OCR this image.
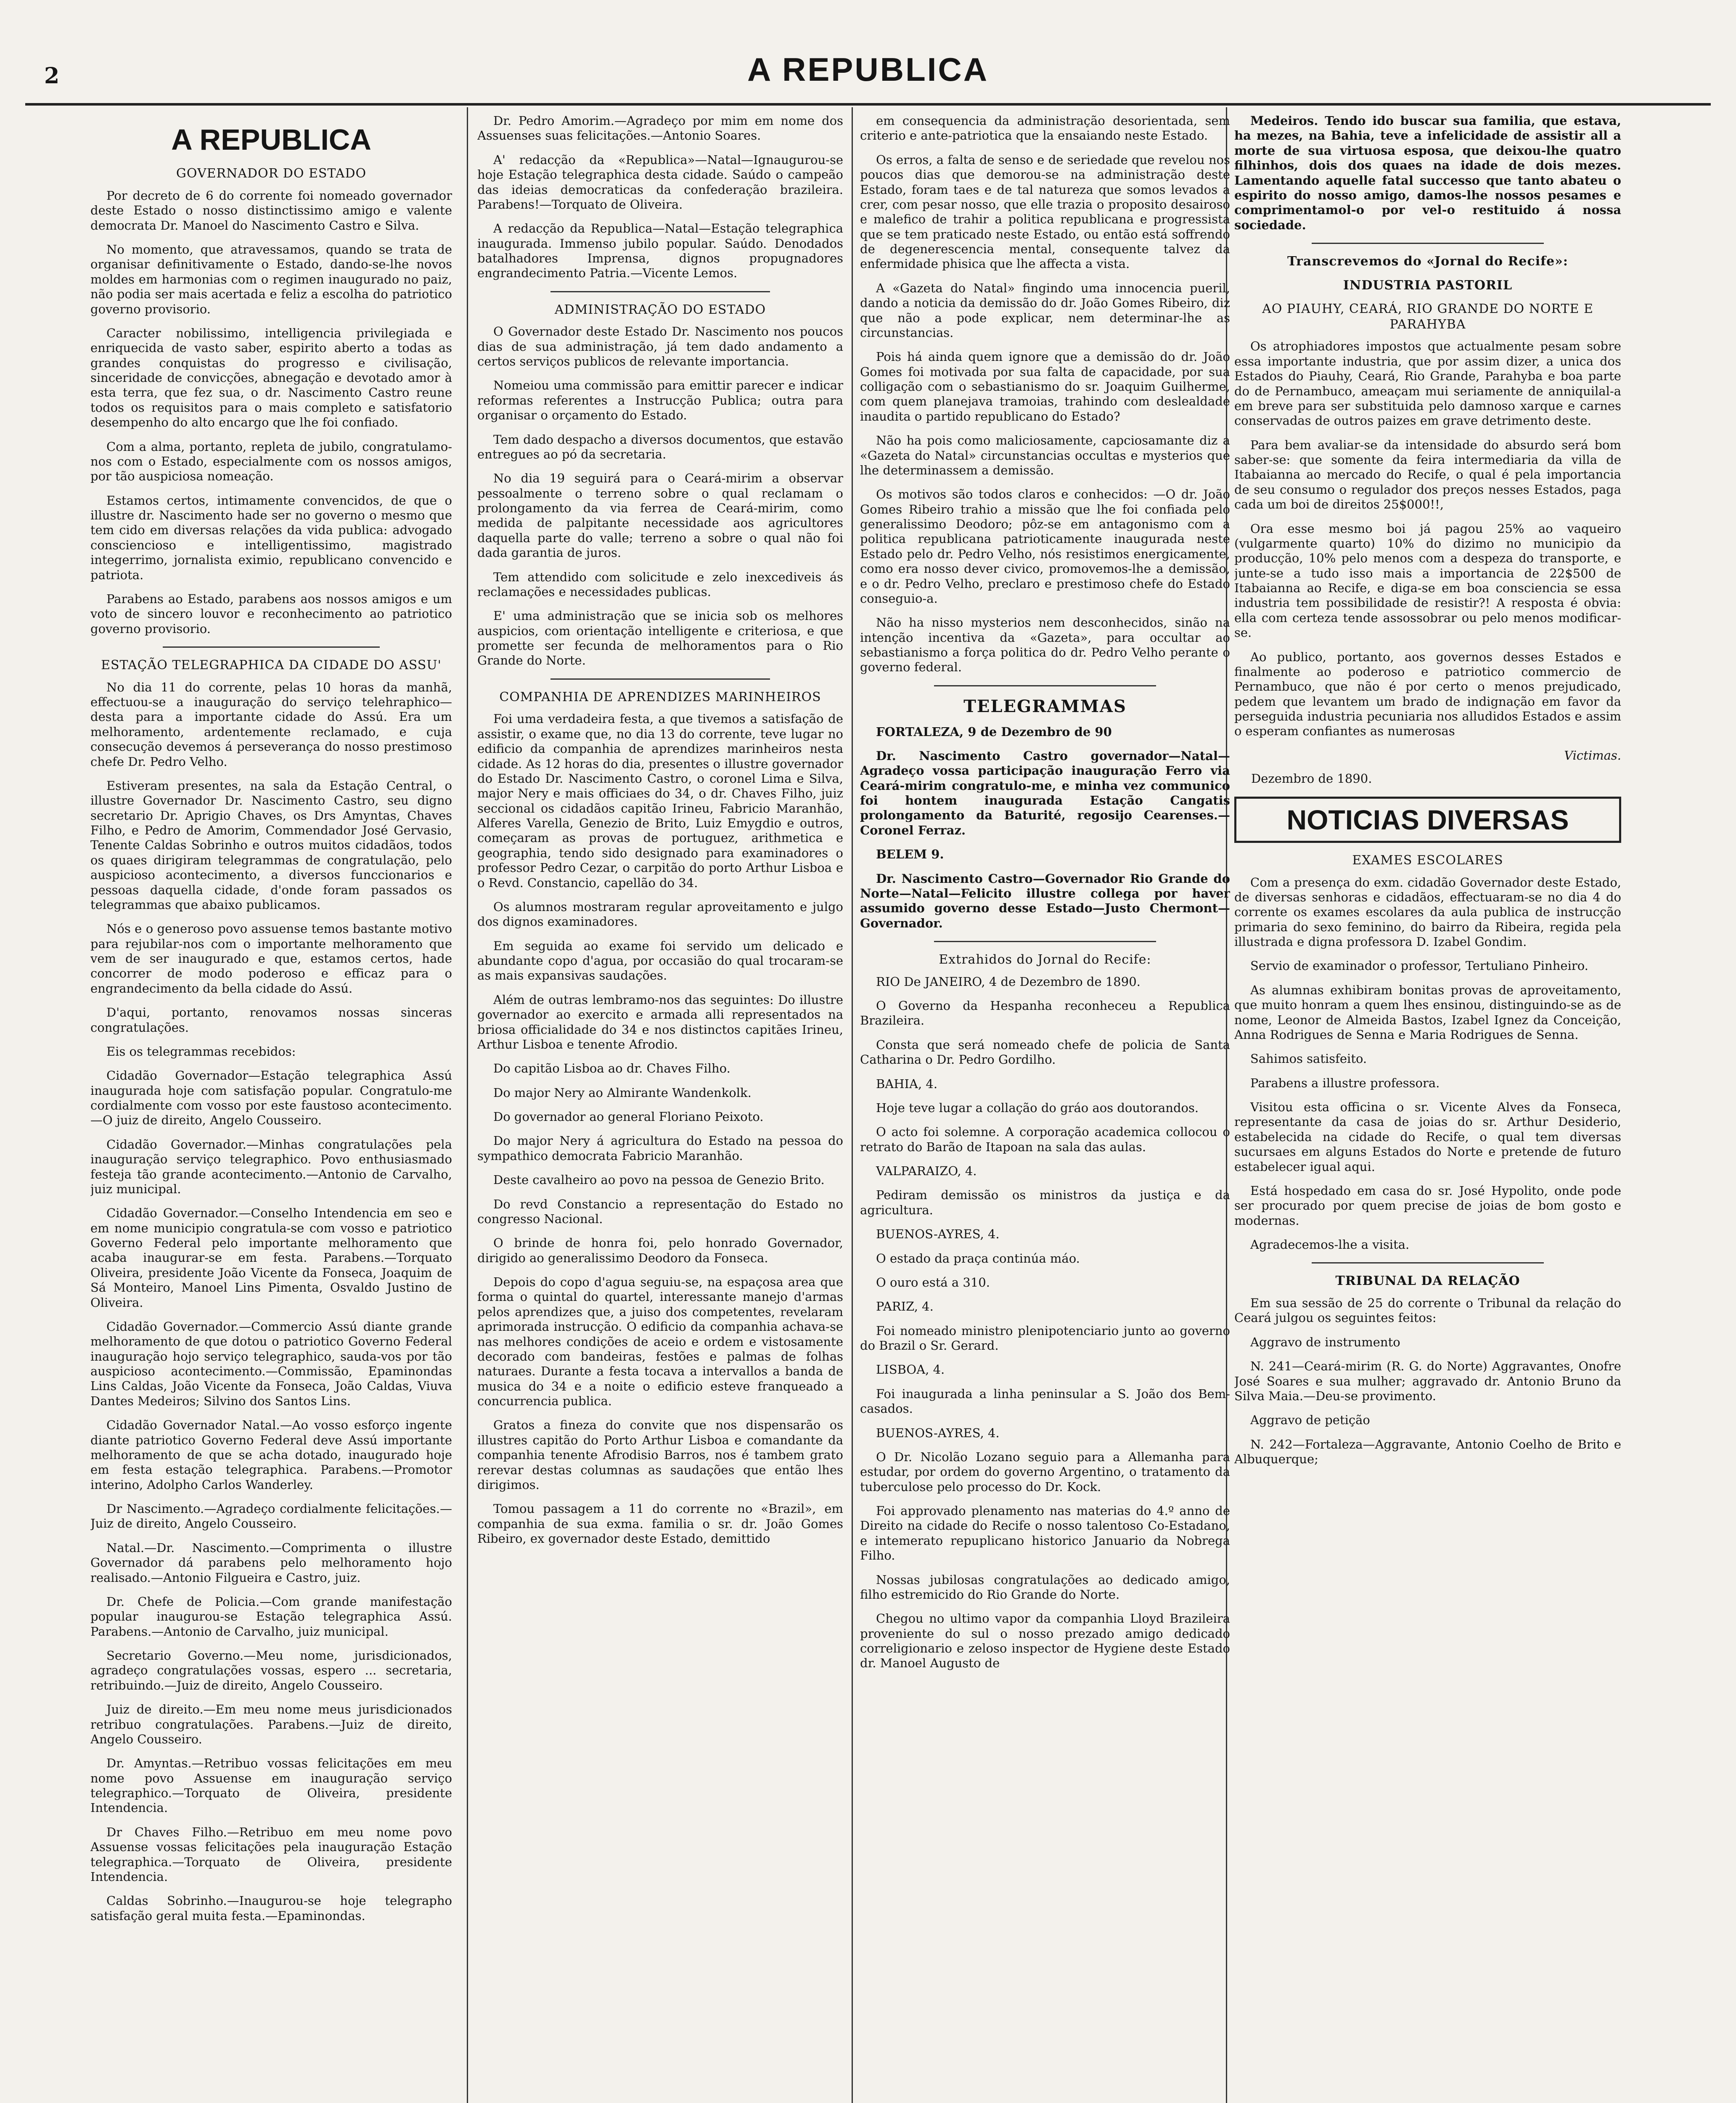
2	A REPUBLICA
A REPUBLICA
GOVERNADOR DO ESTADO

Por decreto de 6 do corrente foi nomeado governador deste Estado o nosso distinctissimo amigo e valente democrata Dr. Manoel do Nascimento Castro e Silva.

No momento, que atravessamos, quando se trata de organisar definitivamente o Estado, dando-se-lhe novos moldes em harmonias com o regimen inaugurado no paiz, não podia ser mais acertada e feliz a escolha do patriotico governo provisorio.

Caracter nobilissimo, intelligencia privilegiada e enriquecida de vasto saber, espirito aberto a todas as grandes conquistas do progresso e civilisação, sinceridade de convicções, abnegação e devotado amor à esta terra, que fez sua, o dr. Nascimento Castro reune todos os requisitos para o mais completo e satisfatorio desempenho do alto encargo que lhe foi confiado.

Com a alma, portanto, repleta de jubilo, congratulamo-nos com o Estado, especialmente com os nossos amigos, por tão auspiciosa nomeação.

Estamos certos, intimamente convencidos, de que o illustre dr. Nascimento hade ser no governo o mesmo que tem cido em diversas relações da vida publica: advogado consciencioso e intelligentissimo, magistrado integerrimo, jornalista eximio, republicano convencido e patriota.

Parabens ao Estado, parabens aos nossos amigos e um voto de sincero louvor e reconhecimento ao patriotico governo provisorio.

ESTAÇÃO TELEGRAPHICA DA CIDADE DO ASSU'

No dia 11 do corrente, pelas 10 horas da manhã, effectuou-se a inauguração do serviço telehraphico—desta para a importante cidade do Assú. Era um melhoramento, ardentemente reclamado, e cuja consecução devemos á perseverança do nosso prestimoso chefe Dr. Pedro Velho.

Estiveram presentes, na sala da Estação Central, o illustre Governador Dr. Nascimento Castro, seu digno secretario Dr. Aprigio Chaves, os Drs Amyntas, Chaves Filho, e Pedro de Amorim, Commendador José Gervasio, Tenente Caldas Sobrinho e outros muitos cidadãos, todos os quaes dirigiram telegrammas de congratulação, pelo auspicioso acontecimento, a diversos funccionarios e pessoas daquella cidade, d'onde foram passados os telegrammas que abaixo publicamos.

Nós e o generoso povo assuense temos bastante motivo para rejubilar-nos com o importante melhoramento que vem de ser inaugurado e que, estamos certos, hade concorrer de modo poderoso e efficaz para o engrandecimento da bella cidade do Assú.

D'aqui, portanto, renovamos nossas sinceras congratulações.

Eis os telegrammas recebidos:

Cidadão Governador—Estação telegraphica Assú inaugurada hoje com satisfação popular. Congratulo-me cordialmente com vosso por este faustoso acontecimento.—O juiz de direito, Angelo Cousseiro.

Cidadão Governador.—Minhas congratulações pela inauguração serviço telegraphico. Povo enthusiasmado festeja tão grande acontecimento.—Antonio de Carvalho, juiz municipal.

Cidadão Governador.—Conselho Intendencia em seo e em nome municipio congratula-se com vosso e patriotico Governo Federal pelo importante melhoramento que acaba inaugurar-se em festa. Parabens.—Torquato Oliveira, presidente João Vicente da Fonseca, Joaquim de Sá Monteiro, Manoel Lins Pimenta, Osvaldo Justino de Oliveira.

Cidadão Governador.—Commercio Assú diante grande melhoramento de que dotou o patriotico Governo Federal inauguração hojo serviço telegraphico, sauda-vos por tão auspicioso acontecimento.—Commissão, Epaminondas Lins Caldas, João Vicente da Fonseca, João Caldas, Viuva Dantes Medeiros; Silvino dos Santos Lins.

Cidadão Governador Natal.—Ao vosso esforço ingente diante patriotico Governo Federal deve Assú importante melhoramento de que se acha dotado, inaugurado hoje em festa estação telegraphica. Parabens.—Promotor interino, Adolpho Carlos Wanderley.

Dr Nascimento.—Agradeço cordialmente felicitações.—Juiz de direito, Angelo Cousseiro.

Natal.—Dr. Nascimento.—Comprimenta o illustre Governador dá parabens pelo melhoramento hojo realisado.—Antonio Filgueira e Castro, juiz.

Dr. Chefe de Policia.—Com grande manifestação popular inaugurou-se Estação telegraphica Assú. Parabens.—Antonio de Carvalho, juiz municipal.

Secretario Governo.—Meu nome, jurisdicionados, agradeço congratulações vossas, espero ... secretaria, retribuindo.—Juiz de direito, Angelo Cousseiro.

Juiz de direito.—Em meu nome meus jurisdicionados retribuo congratulações. Parabens.—Juiz de direito, Angelo Cousseiro.

Dr. Amyntas.—Retribuo vossas felicitações em meu nome povo Assuense em inauguração serviço telegraphico.—Torquato de Oliveira, presidente Intendencia.

Dr Chaves Filho.—Retribuo em meu nome povo Assuense vossas felicitações pela inauguração Estação telegraphica.—Torquato de Oliveira, presidente Intendencia.

Caldas Sobrinho.—Inaugurou-se hoje telegrapho satisfação geral muita festa.—Epaminondas.

Dr. Pedro Amorim.—Agradeço por mim em nome dos Assuenses suas felicitações.—Antonio Soares.

A' redacção da «Republica»—Natal—Ignaugurou-se hoje Estação telegraphica desta cidade. Saúdo o campeão das ideias democraticas da confederação brazileira. Parabens!—Torquato de Oliveira.

A redacção da Republica—Natal—Estação telegraphica inaugurada. Immenso jubilo popular. Saúdo. Denodados batalhadores Imprensa, dignos propugnadores engrandecimento Patria.—Vicente Lemos.

ADMINISTRAÇÃO DO ESTADO

O Governador deste Estado Dr. Nascimento nos poucos dias de sua administração, já tem dado andamento a certos serviços publicos de relevante importancia.

Nomeiou uma commissão para emittir parecer e indicar reformas referentes a Instrucção Publica; outra para organisar o orçamento do Estado.

Tem dado despacho a diversos documentos, que estavão entregues ao pó da secretaria.

No dia 19 seguirá para o Ceará-mirim a observar pessoalmente o terreno sobre o qual reclamam o prolongamento da via ferrea de Ceará-mirim, como medida de palpitante necessidade aos agricultores daquella parte do valle; terreno a sobre o qual não foi dada garantia de juros.

Tem attendido com solicitude e zelo inexcediveis ás reclamações e necessidades publicas.

E' uma administração que se inicia sob os melhores auspicios, com orientação intelligente e criteriosa, e que promette ser fecunda de melhoramentos para o Rio Grande do Norte.

COMPANHIA DE APRENDIZES MARINHEIROS

Foi uma verdadeira festa, a que tivemos a satisfação de assistir, o exame que, no dia 13 do corrente, teve lugar no edificio da companhia de aprendizes marinheiros nesta cidade. As 12 horas do dia, presentes o illustre governador do Estado Dr. Nascimento Castro, o coronel Lima e Silva, major Nery e mais officiaes do 34, o dr. Chaves Filho, juiz seccional os cidadãos capitão Irineu, Fabricio Maranhão, Alferes Varella, Genezio de Brito, Luiz Emygdio e outros, começaram as provas de portuguez, arithmetica e geographia, tendo sido designado para examinadores o professor Pedro Cezar, o carpitão do porto Arthur Lisboa e o Revd. Constancio, capellão do 34.

Os alumnos mostraram regular aproveitamento e julgo dos dignos examinadores.

Em seguida ao exame foi servido um delicado e abundante copo d'agua, por occasião do qual trocaram-se as mais expansivas saudações.

Além de outras lembramo-nos das seguintes: Do illustre governador ao exercito e armada alli representados na briosa officialidade do 34 e nos distinctos capitães Irineu, Arthur Lisboa e tenente Afrodio.

Do capitão Lisboa ao dr. Chaves Filho.

Do major Nery ao Almirante Wandenkolk.

Do governador ao general Floriano Peixoto.

Do major Nery á agricultura do Estado na pessoa do sympathico democrata Fabricio Maranhão.

Deste cavalheiro ao povo na pessoa de Genezio Brito.

Do revd Constancio a representação do Estado no congresso Nacional.

O brinde de honra foi, pelo honrado Governador, dirigido ao generalissimo Deodoro da Fonseca.

Depois do copo d'agua seguiu-se, na espaçosa area que forma o quintal do quartel, interessante manejo d'armas pelos aprendizes que, a juiso dos competentes, revelaram aprimorada instrucção. O edificio da companhia achava-se nas melhores condições de aceio e ordem e vistosamente decorado com bandeiras, festões e palmas de folhas naturaes. Durante a festa tocava a intervallos a banda de musica do 34 e a noite o edificio esteve franqueado a concurrencia publica.

Gratos a fineza do convite que nos dispensarão os illustres capitão do Porto Arthur Lisboa e comandante da companhia tenente Afrodisio Barros, nos é tambem grato rerevar destas columnas as saudações que então lhes dirigimos.

Tomou passagem a 11 do corrente no «Brazil», em companhia de sua exma. familia o sr. dr. João Gomes Ribeiro, ex governador deste Estado, demittido

em consequencia da administração desorientada, sem criterio e ante-patriotica que la ensaiando neste Estado.

Os erros, a falta de senso e de seriedade que revelou nos poucos dias que demorou-se na administração deste Estado, foram taes e de tal natureza que somos levados a crer, com pesar nosso, que elle trazia o proposito desairoso e malefico de trahir a politica republicana e progressista que se tem praticado neste Estado, ou então está soffrendo de degenerescencia mental, consequente talvez da enfermidade phisica que lhe affecta a vista.

A «Gazeta do Natal» fingindo uma innocencia pueril, dando a noticia da demissão do dr. João Gomes Ribeiro, diz que não a pode explicar, nem determinar-lhe as circunstancias.

Pois há ainda quem ignore que a demissão do dr. João Gomes foi motivada por sua falta de capacidade, por sua colligação com o sebastianismo do sr. Joaquim Guilherme, com quem planejava tramoias, trahindo com deslealdade inaudita o partido republicano do Estado?

Não ha pois como maliciosamente, capciosamante diz a «Gazeta do Natal» circunstancias occultas e mysterios que lhe determinassem a demissão.

Os motivos são todos claros e conhecidos: —O dr. João Gomes Ribeiro trahio a missão que lhe foi confiada pelo generalissimo Deodoro; pôz-se em antagonismo com a politica republicana patrioticamente inaugurada neste Estado pelo dr. Pedro Velho, nós resistimos energicamente, como era nosso dever civico, promovemos-lhe a demissão, e o dr. Pedro Velho, preclaro e prestimoso chefe do Estado conseguio-a.

Não ha nisso mysterios nem desconhecidos, sinão na intenção incentiva da «Gazeta», para occultar ao sebastianismo a força politica do dr. Pedro Velho perante o governo federal.

TELEGRAMMAS

FORTALEZA, 9 de Dezembro de 90

Dr. Nascimento Castro governador—Natal—Agradeço vossa participação inauguração Ferro via Ceará-mirim congratulo-me, e minha vez communico foi hontem inaugurada Estação Cangatis prolongamento da Baturité, regosijo Cearenses.—Coronel Ferraz.

BELEM 9.

Dr. Nascimento Castro—Governador Rio Grande do Norte—Natal—Felicito illustre collega por haver assumido governo desse Estado—Justo Chermont—Governador.

Extrahidos do Jornal do Recife:

RIO De JANEIRO, 4 de Dezembro de 1890.

O Governo da Hespanha reconheceu a Republica Brazileira.

Consta que será nomeado chefe de policia de Santa Catharina o Dr. Pedro Gordilho.

BAHIA, 4.

Hoje teve lugar a collação do gráo aos doutorandos.

O acto foi solemne. A corporação academica collocou o retrato do Barão de Itapoan na sala das aulas.

VALPARAIZO, 4.

Pediram demissão os ministros da justiça e da agricultura.

BUENOS-AYRES, 4.

O estado da praça continúa máo.

O ouro está a 310.

PARIZ, 4.

Foi nomeado ministro plenipotenciario junto ao governo do Brazil o Sr. Gerard.

LISBOA, 4.

Foi inaugurada a linha peninsular a S. João dos Bem-casados.

BUENOS-AYRES, 4.

O Dr. Nicolão Lozano seguio para a Allemanha para estudar, por ordem do governo Argentino, o tratamento da tuberculose pelo processo do Dr. Kock.

Foi approvado plenamento nas materias do 4.º anno de Direito na cidade do Recife o nosso talentoso Co-Estadano, e intemerato repuplicano historico Januario da Nobrega Filho.

Nossas jubilosas congratulações ao dedicado amigo, filho estremicido do Rio Grande do Norte.

Chegou no ultimo vapor da companhia Lloyd Brazileira proveniente do sul o nosso prezado amigo dedicado correligionario e zeloso inspector de Hygiene deste Estado dr. Manoel Augusto de

Medeiros. Tendo ido buscar sua familia, que estava, ha mezes, na Bahia, teve a infelicidade de assistir all a morte de sua virtuosa esposa, que deixou-lhe quatro filhinhos, dois dos quaes na idade de dois mezes. Lamentando aquelle fatal successo que tanto abateu o espirito do nosso amigo, damos-lhe nossos pesames e comprimentamol-o por vel-o restituido á nossa sociedade.

Transcrevemos do «Jornal do Recife»:
INDUSTRIA PASTORIL
AO PIAUHY, CEARÁ, RIO GRANDE DO NORTE E PARAHYBA

Os atrophiadores impostos que actualmente pesam sobre essa importante industria, que por assim dizer, a unica dos Estados do Piauhy, Ceará, Rio Grande, Parahyba e boa parte do de Pernambuco, ameaçam mui seriamente de anniquilal-a em breve para ser substituida pelo damnoso xarque e carnes conservadas de outros paizes em grave detrimento deste.

Para bem avaliar-se da intensidade do absurdo será bom saber-se: que somente da feira intermediaria da villa de Itabaianna ao mercado do Recife, o qual é pela importancia de seu consumo o regulador dos preços nesses Estados, paga cada um boi de direitos 25$000!!,

Ora esse mesmo boi já pagou 25% ao vaqueiro (vulgarmente quarto) 10% do dizimo no municipio da producção, 10% pelo menos com a despeza do transporte, e junte-se a tudo isso mais a importancia de 22$500 de Itabaianna ao Recife, e diga-se em boa consciencia se essa industria tem possibilidade de resistir?! A resposta é obvia: ella com certeza tende assossobrar ou pelo menos modificar-se.

Ao publico, portanto, aos governos desses Estados e finalmente ao poderoso e patriotico commercio de Pernambuco, que não é por certo o menos prejudicado, pedem que levantem um brado de indignação em favor da perseguida industria pecuniaria nos alludidos Estados e assim o esperam confiantes as numerosas

Victimas.
Dezembro de 1890.
NOTICIAS DIVERSAS
EXAMES ESCOLARES

Com a presença do exm. cidadão Governador deste Estado, de diversas senhoras e cidadãos, effectuaram-se no dia 4 do corrente os exames escolares da aula publica de instrucção primaria do sexo feminino, do bairro da Ribeira, regida pela illustrada e digna professora D. Izabel Gondim.

Servio de examinador o professor, Tertuliano Pinheiro.

As alumnas exhibiram bonitas provas de aproveitamento, que muito honram a quem lhes ensinou, distinguindo-se as de nome, Leonor de Almeida Bastos, Izabel Ignez da Conceição, Anna Rodrigues de Senna e Maria Rodrigues de Senna.

Sahimos satisfeito.

Parabens a illustre professora.

Visitou esta officina o sr. Vicente Alves da Fonseca, representante da casa de joias do sr. Arthur Desiderio, estabelecida na cidade do Recife, o qual tem diversas sucursaes em alguns Estados do Norte e pretende de futuro estabelecer igual aqui.

Está hospedado em casa do sr. José Hypolito, onde pode ser procurado por quem precise de joias de bom gosto e modernas.

Agradecemos-lhe a visita.

TRIBUNAL DA RELAÇÃO

Em sua sessão de 25 do corrente o Tribunal da relação do Ceará julgou os seguintes feitos:

Aggravo de instrumento

N. 241—Ceará-mirim (R. G. do Norte) Aggravantes, Onofre José Soares e sua mulher; aggravado dr. Antonio Bruno da Silva Maia.—Deu-se provimento.

Aggravo de petição

N. 242—Fortaleza—Aggravante, Antonio Coelho de Brito e Albuquerque;
